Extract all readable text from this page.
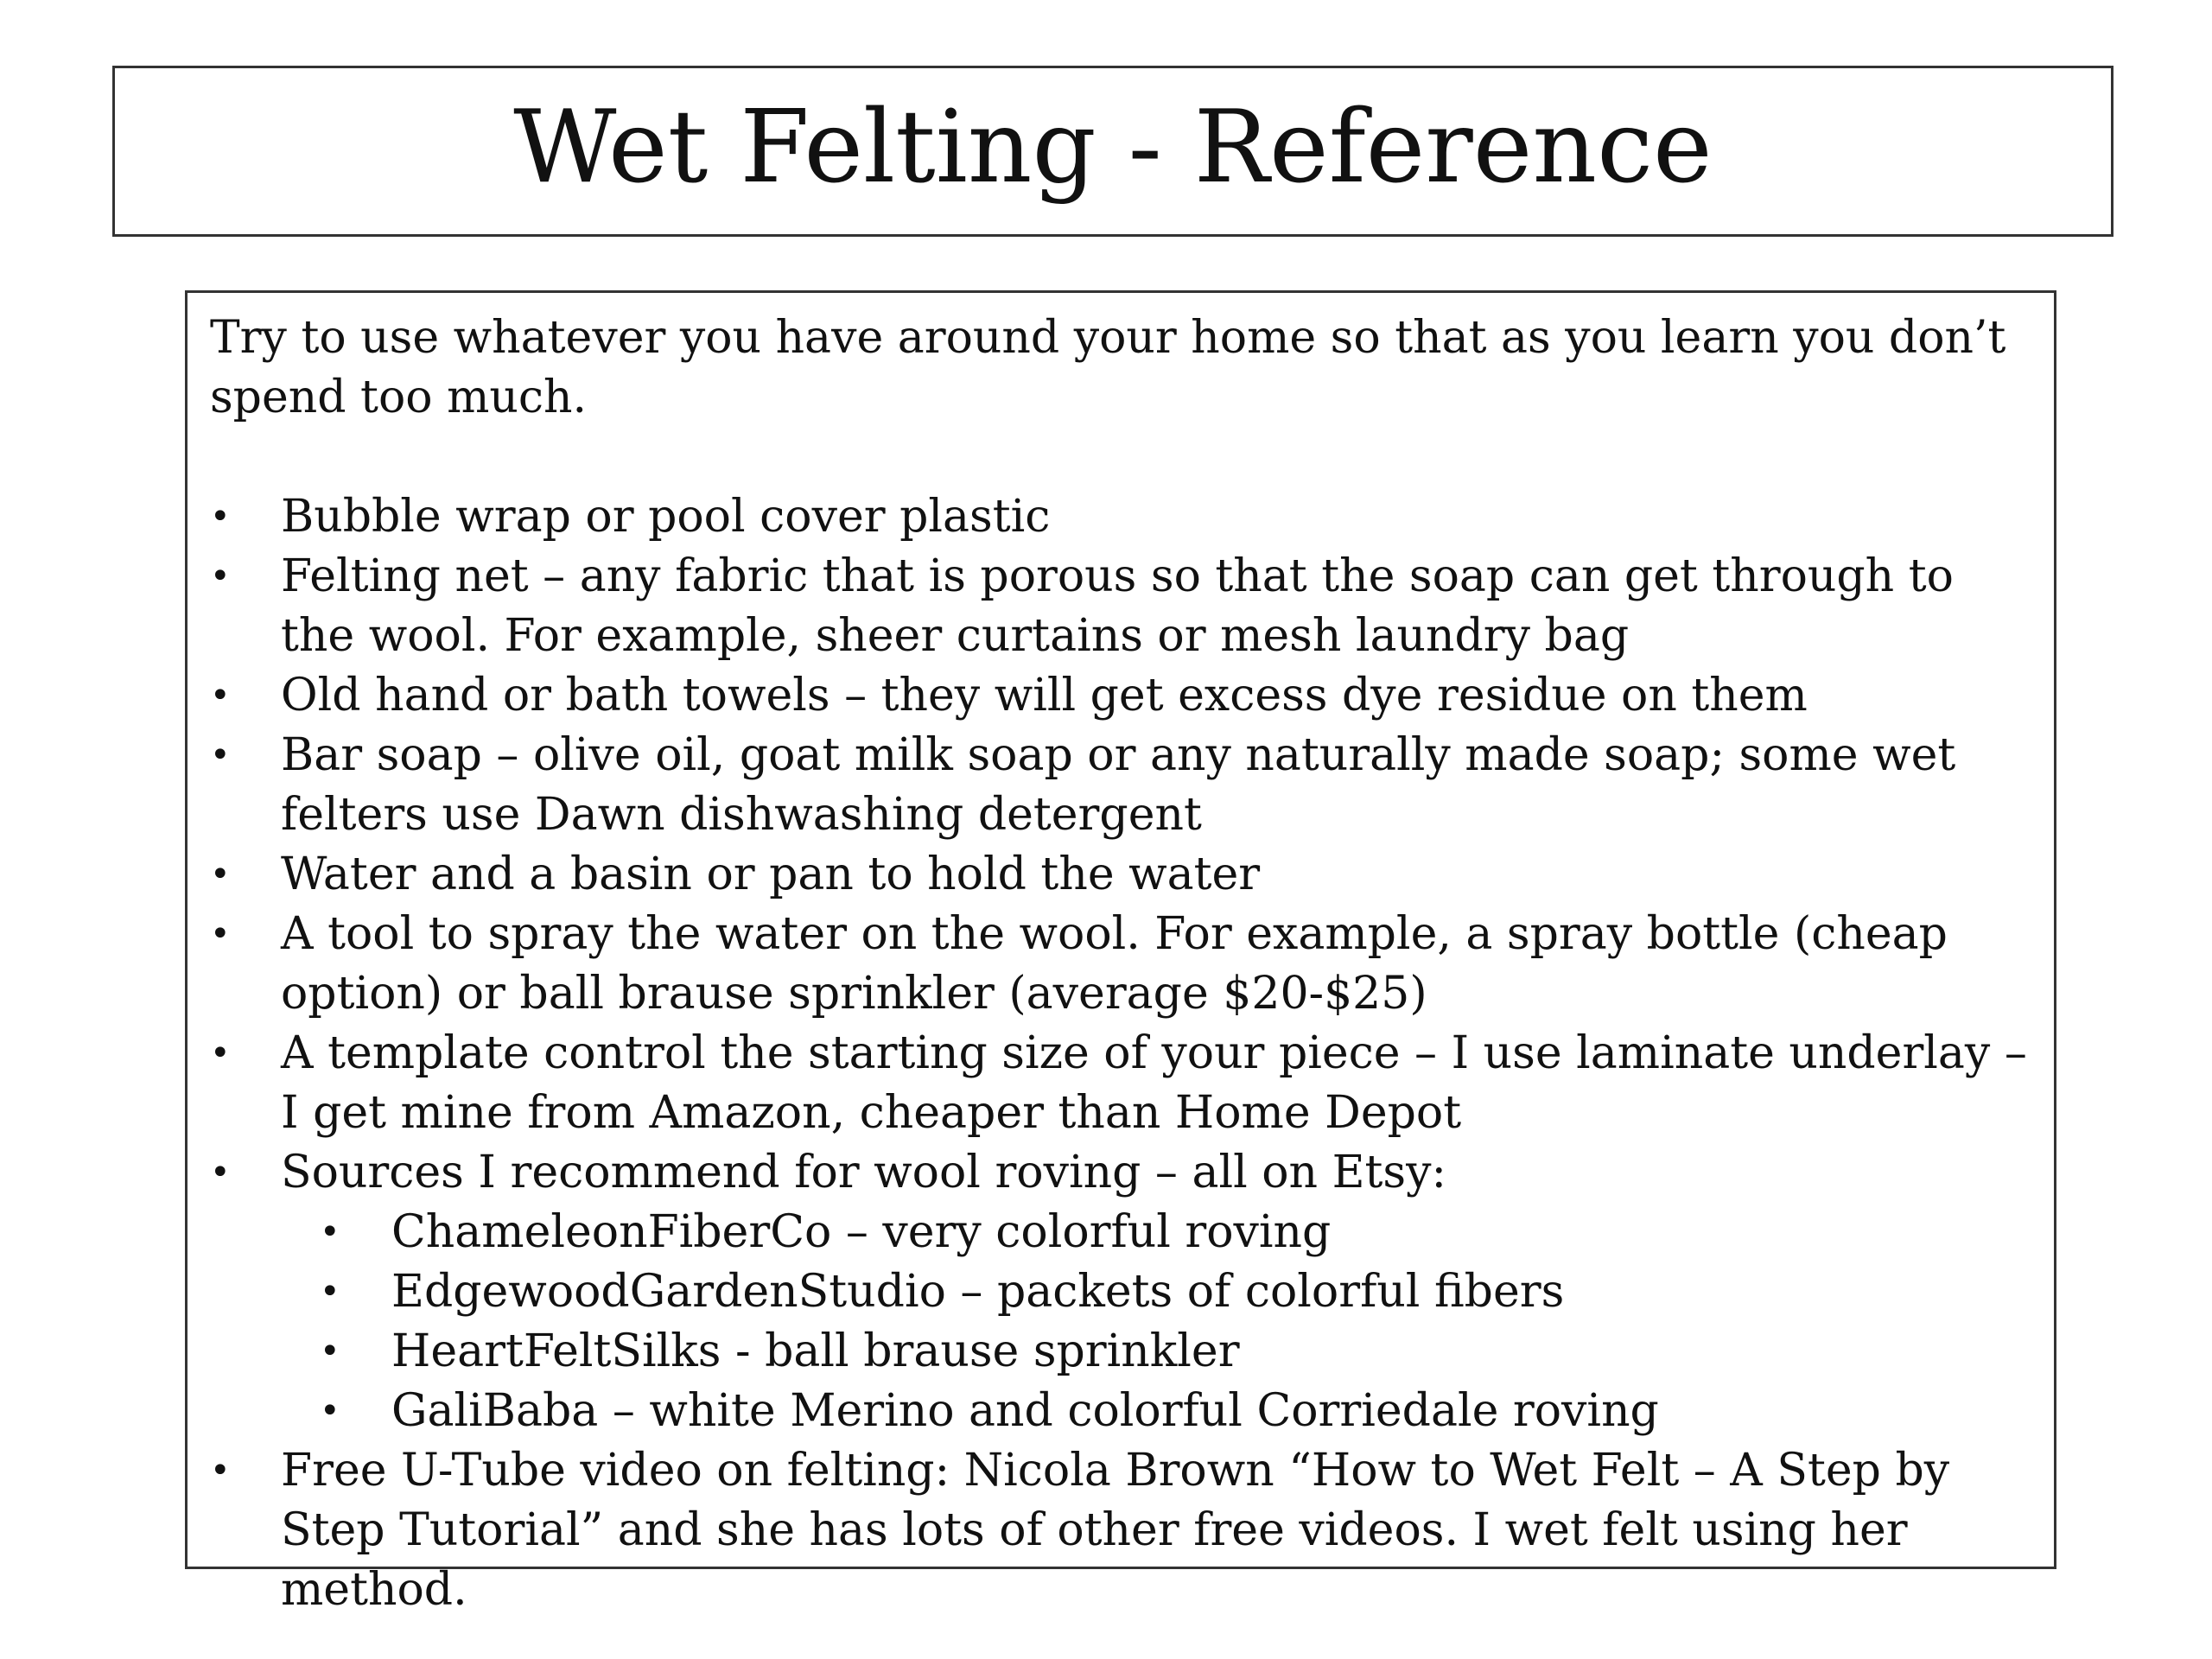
Wet Felting - Reference

Try to use whatever you have around your home so that as you learn you don’t spend too much.

• Bubble wrap or pool cover plastic
• Felting net – any fabric that is porous so that the soap can get through to the wool. For example, sheer curtains or mesh laundry bag
• Old hand or bath towels – they will get excess dye residue on them
• Bar soap – olive oil, goat milk soap or any naturally made soap; some wet felters use Dawn dishwashing detergent
• Water and a basin or pan to hold the water
• A tool to spray the water on the wool. For example, a spray bottle (cheap option) or ball brause sprinkler (average $20-$25)
• A template control the starting size of your piece – I use laminate underlay – I get mine from Amazon, cheaper than Home Depot
• Sources I recommend for wool roving – all on Etsy:
• ChameleonFiberCo – very colorful roving
• EdgewoodGardenStudio – packets of colorful fibers
• HeartFeltSilks - ball brause sprinkler
• GaliBaba – white Merino and colorful Corriedale roving
• Free U-Tube video on felting: Nicola Brown “How to Wet Felt – A Step by Step Tutorial” and she has lots of other free videos. I wet felt using her method.
